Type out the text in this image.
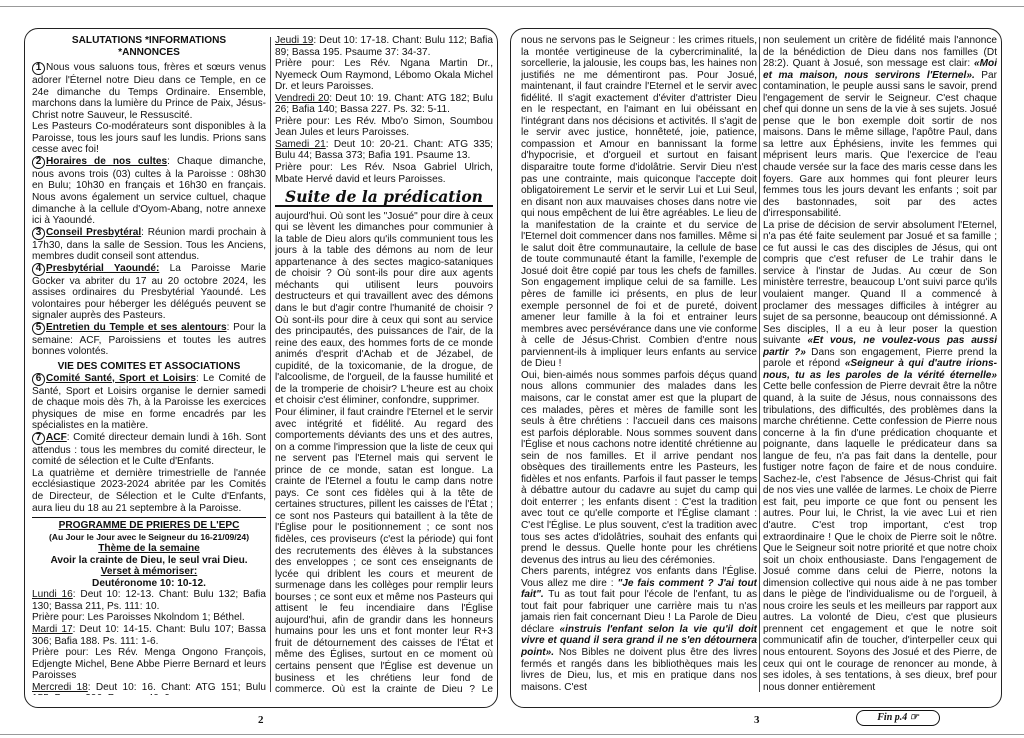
SALUTATIONS *INFORMATIONS
*ANNONCES

1 Nous vous saluons tous, frères et sœurs venus adorer l'Éternel notre Dieu dans ce Temple, en ce 24e dimanche du Temps Ordinaire. Ensemble, marchons dans la lumière du Prince de Paix, Jésus-Christ notre Sauveur, le Ressuscité.

Les Pasteurs Co-modérateurs sont disponibles à la Paroisse, tous les jours sauf les lundis. Prions sans cesse avec foi!

2 Horaires de nos cultes: Chaque dimanche, nous avons trois (03) cultes à la Paroisse : 08h30 en Bulu; 10h30 en français et 16h30 en français. Nous avons également un service cultuel, chaque dimanche à la cellule d'Oyom-Abang, notre annexe ici à Yaoundé.

3 Conseil Presbytéral: Réunion mardi prochain à 17h30, dans la salle de Session. Tous les Anciens, membres dudit conseil sont attendus.

4 Presbytérial Yaoundé: La Paroisse Marie Gocker va abriter du 17 au 20 octobre 2024, les assises ordinaires du Presbytérial Yaoundé. Les volontaires pour héberger les délégués peuvent se signaler auprès des Pasteurs.

5 Entretien du Temple et ses alentours: Pour la semaine: ACF, Paroissiens et toutes les autres bonnes volontés.

VIE DES COMITES ET ASSOCIATIONS

6 Comité Santé, Sport et Loisirs: Le Comité de Santé, Sport et Loisirs organise le dernier samedi de chaque mois dès 7h, à la Paroisse les exercices physiques de mise en forme encadrés par les spécialistes en la matière.

7 ACF: Comité directeur demain lundi à 16h. Sont attendus : tous les membres du comité directeur, le comité de sélection et le Culte d'Enfants.

La quatrième et dernière trimestrielle de l'année ecclésiastique 2023-2024 abritée par les Comités de Directeur, de Sélection et le Culte d'Enfants, aura lieu du 18 au 21 septembre à la Paroisse.

PROGRAMME DE PRIERES DE L'EPC
(Au Jour le Jour avec le Seigneur du 16-21/09/24)
Thème de la semaine
Avoir la crainte de Dieu, le seul vrai Dieu.
Verset à mémoriser:
Deutéronome 10: 10-12.

Lundi 16: Deut 10: 12-13. Chant: Bulu 132; Bafia 130; Bassa 211, Ps. 111: 10.

Prière pour: Les Paroisses Nkolndom 1; Béthel.

Mardi 17: Deut 10: 14-15. Chant: Bulu 107; Bassa 306; Bafia 188. Ps. 111: 1-6.

Prière pour: Les Rév. Menga Ongono François, Edjengte Michel, Bene Abbe Pierre Bernard et leurs Paroisses

Mercredi 18: Deut 10: 16. Chant: ATG 151; Bulu

Jeudi 19: Deut 10: 17-18. Chant: Bulu 112; Bafia 89; Bassa 195. Psaume 37: 34-37.

Prière pour: Les Rév. Ngana Martin Dr., Nyemeck Oum Raymond, Lébomo Okala Michel Dr. et leurs Paroisses.

Vendredi 20: Deut 10: 19. Chant: ATG 182; Bulu 26; Bafia 140; Bassa 227. Ps. 32: 5-11.

Prière pour: Les Rév. Mbo'o Simon, Soumbou Jean Jules et leurs Paroisses.

Samedi 21: Deut 10: 20-21. Chant: ATG 335; Bulu 44; Bassa 373; Bafia 191. Psaume 13.

Prière pour: Les Rév. Nsoa Gabriel Ulrich, Mbate Hervé david et leurs Paroisses.

Suite de la prédication

aujourd'hui. Où sont les "Josué" pour dire à ceux qui se lèvent les dimanches pour communier à la table de Dieu alors qu'ils communient tous les jours à la table des démons au nom de leur appartenance à des sectes magico-sataniques de choisir ? Où sont-ils pour dire aux agents méchants qui utilisent leurs pouvoirs destructeurs et qui travaillent avec des démons dans le but d'agir contre l'humanité de choisir ? Où sont-ils pour dire à ceux qui sont au service des principautés, des puissances de l'air, de la reine des eaux, des hommes forts de ce monde animés d'esprit d'Achab et de Jézabel, de cupidité, de la toxicomanie, de la drogue, de l'alcoolisme, de l'orgueil, de la fausse humilité et de la tromperie de choisir? L'heure est au choix et choisir c'est éliminer, confondre, supprimer.

Pour éliminer, il faut craindre l'Eternel et le servir avec intégrité et fidélité. Au regard des comportements déviants des uns et des autres, on a comme l'impression que la liste de ceux qui ne servent pas l'Eternel mais qui servent le prince de ce monde, satan est longue. La crainte de l'Eternel a foutu le camp dans notre pays. Ce sont ces fidèles qui à la tête de certaines structures, pillent les caisses de l'État ; ce sont nos Pasteurs qui bataillent à la tête de l'Église pour le positionnement ; ce sont nos fidèles, ces proviseurs (c'est la période) qui font des recrutements des élèves à la substances des enveloppes ; ce sont ces enseignants de lycée qui driblent les cours et meurent de surmenage dans les collèges pour remplir leurs bourses ; ce sont eux et même nos Pasteurs qui attisent le feu incendiaire dans l'Église aujourd'hui, afin de grandir dans les honneurs humains pour les uns et font monter leur R+3 fruit de détournement des caisses de l'État et même des Églises, surtout en ce moment où certains pensent que l'Église est devenue un business et les chrétiens leur fond de commerce. Où est la crainte de Dieu ? Le

nous ne servons pas le Seigneur : les crimes rituels, la montée vertigineuse de la cybercriminalité, la sorcellerie, la jalousie, les coups bas, les haines non justifiés ne me démentiront pas. Pour Josué, maintenant, il faut craindre l'Eternel et le servir avec fidélité. Il s'agit exactement d'éviter d'attrister Dieu en le respectant, en l'aimant en lui obéissant en l'intégrant dans nos décisions et activités. Il s'agit de le servir avec justice, honnêteté, joie, patience, compassion et Amour en bannissant la forme d'hypocrisie, et d'orgueil et surtout en faisant disparaitre toute forme d'idolâtrie. Servir Dieu n'est pas une contrainte, mais quiconque l'accepte doit obligatoirement Le servir et le servir Lui et Lui Seul, en disant non aux mauvaises choses dans notre vie qui nous empêchent de lui être agréables. Le lieu de la manifestation de la crainte et du service de l'Eternel doit commencer dans nos familles. Même si le salut doit être communautaire, la cellule de base de toute communauté étant la famille, l'exemple de Josué doit être copié par tous les chefs de familles. Son engagement implique celui de sa famille. Les pères de famille ici présents, en plus de leur exemple personnel de foi et de pureté, doivent amener leur famille à la foi et entrainer leurs membres avec persévérance dans une vie conforme à celle de Jésus-Christ. Combien d'entre nous parviennent-ils à impliquer leurs enfants au service de Dieu !

Oui, bien-aimés nous sommes parfois déçus quand nous allons communier des malades dans les maisons, car le constat amer est que la plupart de ces malades, pères et mères de famille sont les seuls à être chrétiens : l'accueil dans ces maisons est parfois déplorable. Nous sommes souvent dans l'Église et nous cachons notre identité chrétienne au sein de nos familles. Et il arrive pendant nos obsèques des tiraillements entre les Pasteurs, les fidèles et nos enfants. Parfois il faut passer le temps à débattre autour du cadavre au sujet du camp qui doit enterrer ; les enfants disent : C'est la tradition avec tout ce qu'elle comporte et l'Église clamant : C'est l'Église. Le plus souvent, c'est la tradition avec tous ses actes d'idolâtries, souhait des enfants qui prend le dessus. Quelle honte pour les chrétiens devenus des intrus au lieu des cérémonies.

Chers parents, intégrez vos enfants dans l'Église. Vous allez me dire : "Je fais comment ? J'ai tout fait". Tu as tout fait pour l'école de l'enfant, tu as tout fait pour fabriquer une carrière mais tu n'as jamais rien fait concernant Dieu ! La Parole de Dieu déclare «instruis l'enfant selon la vie qu'il doit vivre et quand il sera grand il ne s'en détournera point». Nos Bibles ne doivent plus être des livres fermés et rangés dans les bibliothèques mais les livres de Dieu, lus, et mis en pratique dans nos maisons. C'est

non seulement un critère de fidélité mais l'annonce de la bénédiction de Dieu dans nos familles (Dt 28:2). Quant à Josué, son message est clair: «Moi et ma maison, nous servirons l'Eternel». Par contamination, le peuple aussi sans le savoir, prend l'engagement de servir le Seigneur. C'est chaque chef qui donne un sens de la vie à ses sujets. Josué pense que le bon exemple doit sortir de nos maisons. Dans le même sillage, l'apôtre Paul, dans sa lettre aux Éphésiens, invite les femmes qui méprisent leurs maris. Que l'exercice de l'eau chaude versée sur la face des maris cesse dans les foyers. Gare aux hommes qui font pleurer leurs femmes tous les jours devant les enfants ; soit par des bastonnades, soit par des actes d'irresponsabilité.

La prise de décision de servir absolument l'Eternel, n'a pas été faite seulement par Josué et sa famille ; ce fut aussi le cas des disciples de Jésus, qui ont compris que c'est refuser de Le trahir dans le service à l'instar de Judas. Au cœur de Son ministère terrestre, beaucoup L'ont suivi parce qu'ils voulaient manger. Quand Il a commencé à proclamer des messages difficiles à intégrer au sujet de sa personne, beaucoup ont démissionné. A Ses disciples, Il a eu à leur poser la question suivante «Et vous, ne voulez-vous pas aussi partir ?» Dans son engagement, Pierre prend la parole et répond «Seigneur à qui d'autre irions-nous, tu as les paroles de la vérité éternelle» Cette belle confession de Pierre devrait être la nôtre quand, à la suite de Jésus, nous connaissons des tribulations, des difficultés, des problèmes dans la marche chrétienne. Cette confession de Pierre nous concerne à la fin d'une prédication choquante et poignante, dans laquelle le prédicateur dans sa langue de feu, n'a pas fait dans la dentelle, pour fustiger notre façon de faire et de nous conduire. Sachez-le, c'est l'absence de Jésus-Christ qui fait de nos vies une vallée de larmes. Le choix de Pierre est fait, peu importe ce que font ou pensent les autres. Pour lui, le Christ, la vie avec Lui et rien d'autre. C'est trop important, c'est trop extraordinaire ! Que le choix de Pierre soit le nôtre. Que le Seigneur soit notre priorité et que notre choix soit un choix enthousiaste. Dans l'engagement de Josué comme dans celui de Pierre, notons la dimension collective qui nous aide à ne pas tomber dans le piège de l'individualisme ou de l'orgueil, à nous croire les seuls et les meilleurs par rapport aux autres. La volonté de Dieu, c'est que plusieurs prennent cet engagement et que le notre soit communicatif afin de toucher, d'interpeller ceux qui nous entourent. Soyons des Josué et des Pierre, de ceux qui ont le courage de renoncer au monde, à ses idoles, à ses tentations, à ses dieux, bref pour nous donner entièrement

2	3	Fin p.4 ☞
